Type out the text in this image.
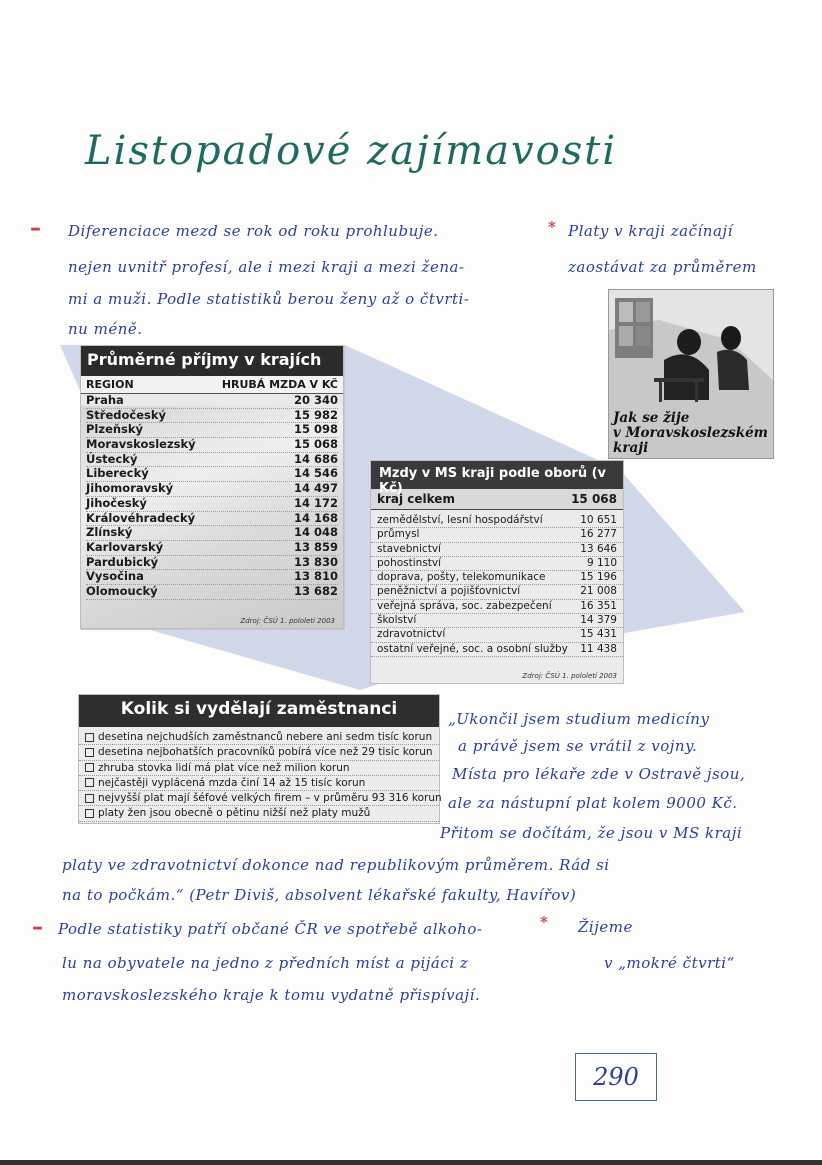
Listopadové zajímavosti
– Diferenciace mezd se rok od roku prohlubuje.	* Platy v kraji začínají
nejen uvnitř profesí, ale i mezi kraji a mezi žena-	zaostávat za průměrem
mi a muži. Podle statistiků berou ženy až o čtvrti-
nu méně.
Průměrné příjmy v krajích
REGION	HRUBÁ MZDA V KČ
Praha	20 340
Středočeský	15 982
Plzeňský	15 098
Moravskoslezský	15 068
Ústecký	14 686
Liberecký	14 546
Jihomoravský	14 497
Jihočeský	14 172
Královéhradecký	14 168
Zlínský	14 048
Karlovarský	13 859
Pardubický	13 830
Vysočina	13 810
Olomoucký	13 682
Zdroj: ČSÚ 1. pololetí 2003
Jak se žije
v Moravskoslezském
kraji
Mzdy v MS kraji podle oborů (v Kč)
kraj celkem	15 068
zemědělství, lesní hospodářství	10 651
průmysl	16 277
stavebnictví	13 646
pohostinství	9 110
doprava, pošty, telekomunikace	15 196
peněžnictví a pojišťovnictví	21 008
veřejná správa, soc. zabezpečení	16 351
školství	14 379
zdravotnictví	15 431
ostatní veřejné, soc. a osobní služby 11 438
Zdroj: ČSÚ 1. pololetí 2003
Kolik si vydělají zaměstnanci
desetina nejchudších zaměstnanců nebere ani sedm tisíc korun
desetina nejbohatších pracovníků pobírá více než 29 tisíc korun
zhruba stovka lidí má plat více než milion korun
nejčastěji vyplácená mzda činí 14 až 15 tisíc korun
nejvyšší plat mají šéfové velkých firem – v průměru 93 316 korun
platy žen jsou obecně o pětinu nižší než platy mužů
„Ukončil jsem studium medicíny
a právě jsem se vrátil z vojny.
Místa pro lékaře zde v Ostravě jsou,
ale za nástupní plat kolem 9000 Kč.
Přitom se dočítám, že jsou v MS kraji
platy ve zdravotnictví dokonce nad republikovým průměrem. Rád si
na to počkám.“ (Petr Diviš, absolvent lékařské fakulty, Havířov)
– Podle statistiky patří občané ČR ve spotřebě alkoho-	* Žijeme
lu na obyvatele na jedno z předních míst a pijáci z	v „mokré čtvrti“
moravskoslezského kraje k tomu vydatně přispívají.
290
